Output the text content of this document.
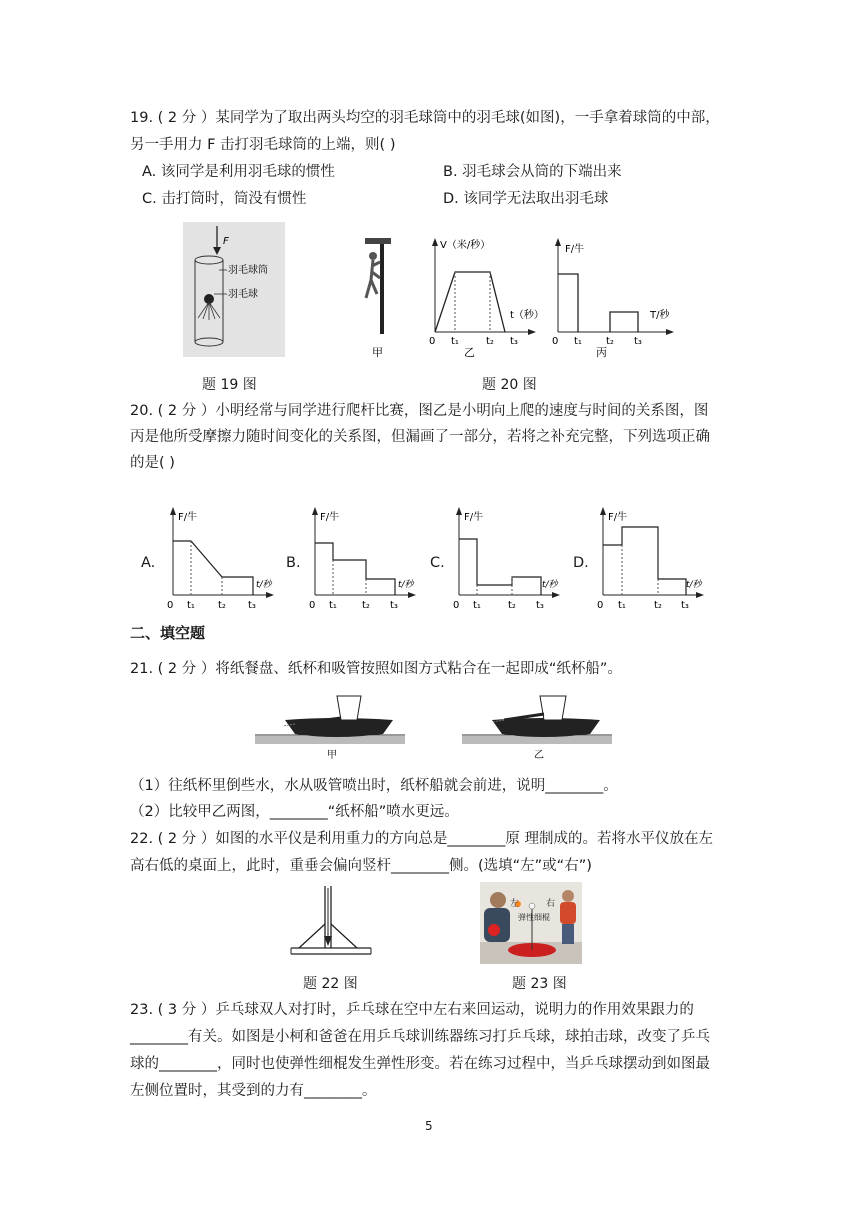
19. ( 2 分 ）某同学为了取出两头均空的羽毛球筒中的羽毛球(如图)，一手拿着球筒的中部，
另一手用力 F 击打羽毛球筒的上端，则( )
A. 该同学是利用羽毛球的惯性	B. 羽毛球会从筒的下端出来
C. 击打筒时，筒没有惯性	D. 该同学无法取出羽毛球
F
羽毛球筒
羽毛球
甲
V（米/秒）
t（秒）
0 t₁	t₂ t₃
乙
F/牛
T/秒
0 t₁ t₂ t₃
丙
题 19 图	题 20 图
20. ( 2 分 ）小明经常与同学进行爬杆比赛，图乙是小明向上爬的速度与时间的关系图，图
丙是他所受摩擦力随时间变化的关系图，但漏画了一部分，若将之补充完整，下列选项正确
的是( )
A.	B.	C.	D.
F/牛
t/秒
0 t₁ t₂ t₃
F/牛
t/秒
0 t₁	t₂ t₃
F/牛
t/秒
0 t₁	t₂ t₃
F/牛
t/秒
0 t₁	t₂ t₃
二、填空题
21. ( 2 分 ）将纸餐盘、纸杯和吸管按照如图方式粘合在一起即成“纸杯船”。
甲	乙
（1）往纸杯里倒些水，水从吸管喷出时，纸杯船就会前进，说明________。
（2）比较甲乙两图，________“纸杯船”喷水更远。
22. ( 2 分 ）如图的水平仪是利用重力的方向总是________原 理制成的。若将水平仪放在左
高右低的桌面上，此时，重垂会偏向竖杆________侧。(选填“左”或“右”)
左	右
弹性细棍
题 22 图	题 23 图
23. ( 3 分 ）乒乓球双人对打时，乒乓球在空中左右来回运动，说明力的作用效果跟力的
________有关。如图是小柯和爸爸在用乒乓球训练器练习打乒乓球，球拍击球，改变了乒乓
球的________，同时也使弹性细棍发生弹性形变。若在练习过程中，当乒乓球摆动到如图最
左侧位置时，其受到的力有________。
5
